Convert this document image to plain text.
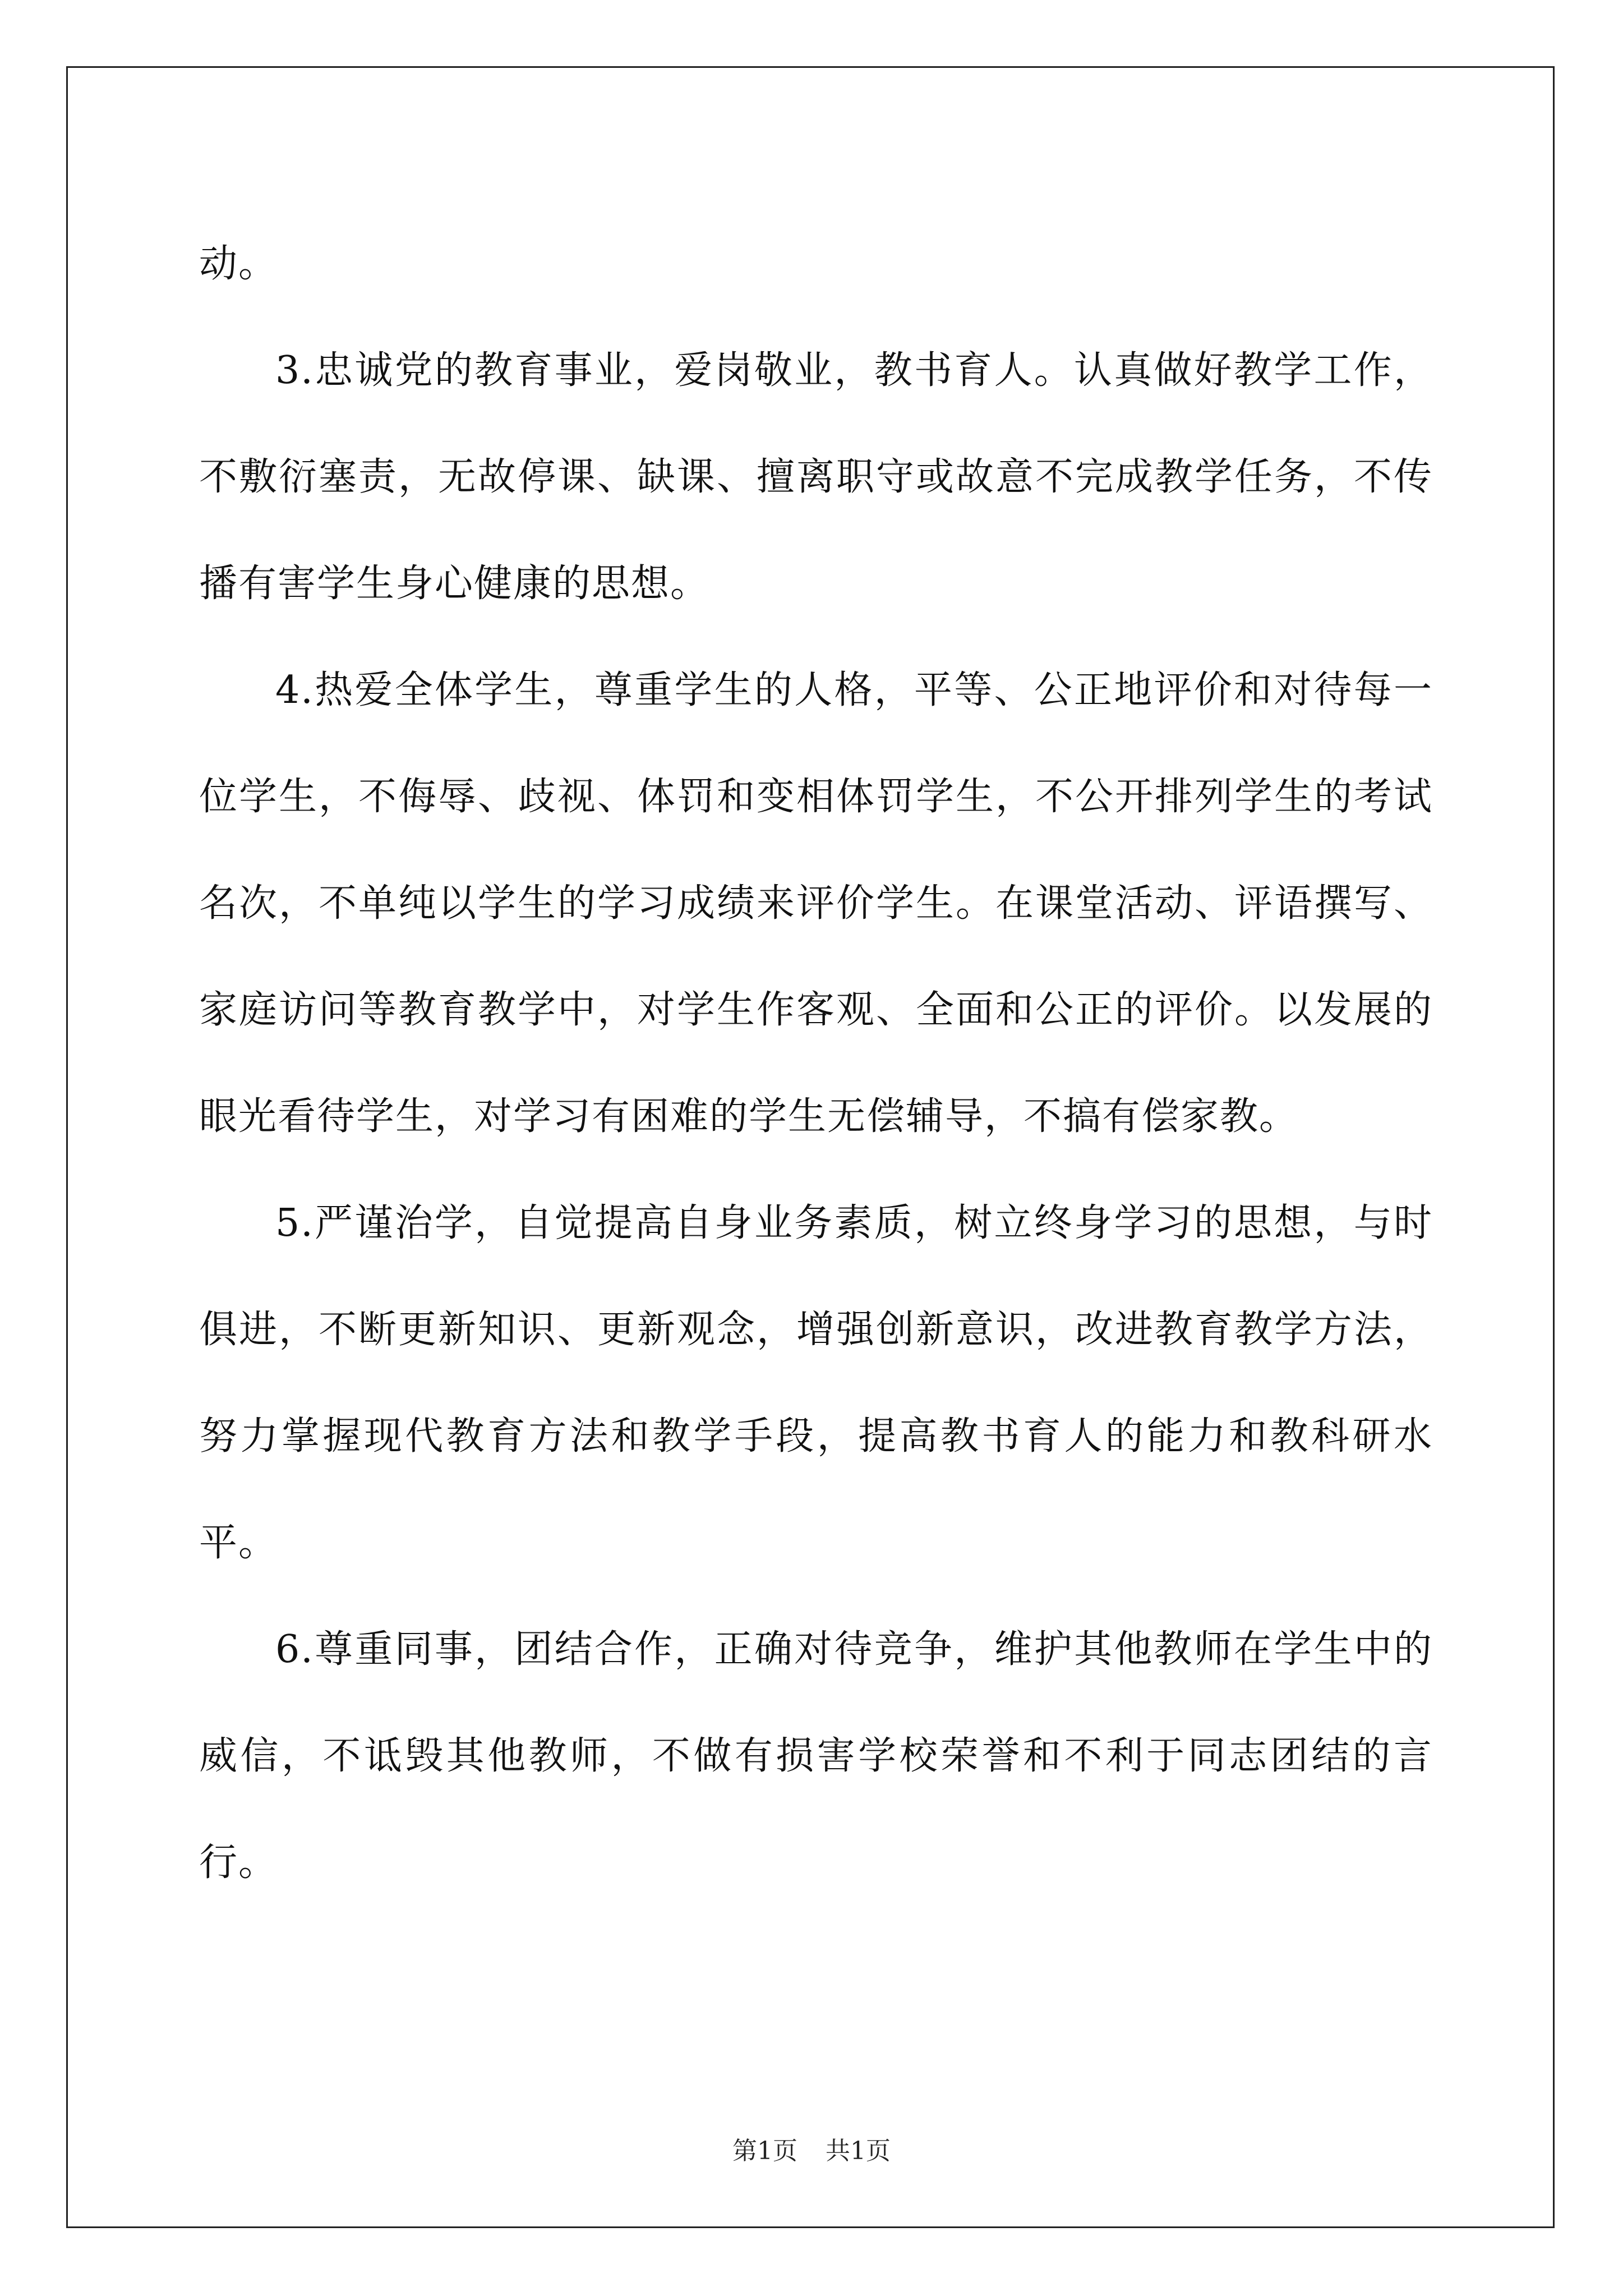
动。

3.忠诚党的教育事业，爱岗敬业，教书育人。认真做好教学工作，不敷衍塞责，无故停课、缺课、擅离职守或故意不完成教学任务，不传播有害学生身心健康的思想。

4.热爱全体学生，尊重学生的人格，平等、公正地评价和对待每一位学生，不侮辱、歧视、体罚和变相体罚学生，不公开排列学生的考试名次，不单纯以学生的学习成绩来评价学生。在课堂活动、评语撰写、家庭访问等教育教学中，对学生作客观、全面和公正的评价。以发展的眼光看待学生，对学习有困难的学生无偿辅导，不搞有偿家教。

5.严谨治学，自觉提高自身业务素质，树立终身学习的思想，与时俱进，不断更新知识、更新观念，增强创新意识，改进教育教学方法，努力掌握现代教育方法和教学手段，提高教书育人的能力和教科研水平。

6.尊重同事，团结合作，正确对待竞争，维护其他教师在学生中的威信，不诋毁其他教师，不做有损害学校荣誉和不利于同志团结的言行。

第1页 共1页
